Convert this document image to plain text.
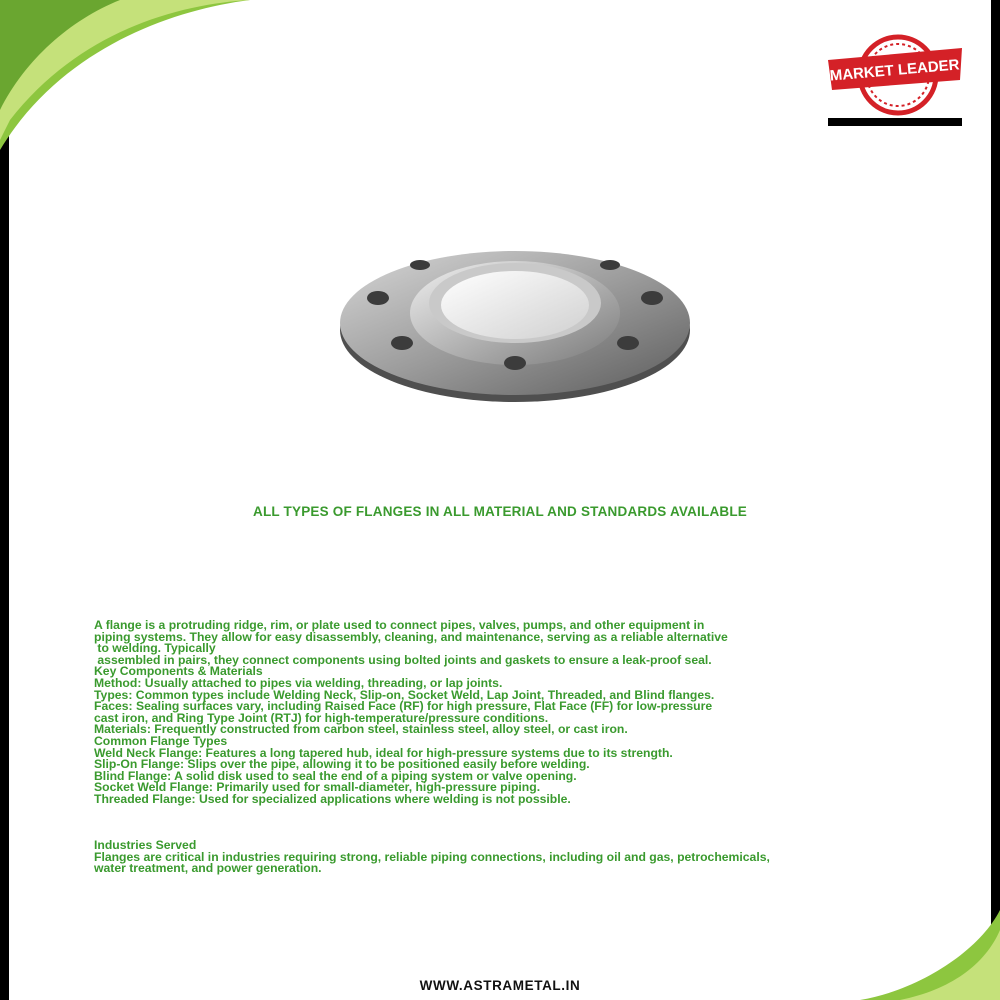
MARKET LEADER
ALL TYPES OF FLANGES IN ALL MATERIAL AND STANDARDS AVAILABLE
A flange is a protruding ridge, rim, or plate used to connect pipes, valves, pumps, and other equipment in
piping systems. They allow for easy disassembly, cleaning, and maintenance, serving as a reliable alternative
to welding. Typically
assembled in pairs, they connect components using bolted joints and gaskets to ensure a leak-proof seal.
Key Components & Materials
Method: Usually attached to pipes via welding, threading, or lap joints.
Types: Common types include Welding Neck, Slip-on, Socket Weld, Lap Joint, Threaded, and Blind flanges.
Faces: Sealing surfaces vary, including Raised Face (RF) for high pressure, Flat Face (FF) for low-pressure
cast iron, and Ring Type Joint (RTJ) for high-temperature/pressure conditions.
Materials: Frequently constructed from carbon steel, stainless steel, alloy steel, or cast iron.
Common Flange Types
Weld Neck Flange: Features a long tapered hub, ideal for high-pressure systems due to its strength.
Slip-On Flange: Slips over the pipe, allowing it to be positioned easily before welding.
Blind Flange: A solid disk used to seal the end of a piping system or valve opening.
Socket Weld Flange: Primarily used for small-diameter, high-pressure piping.
Threaded Flange: Used for specialized applications where welding is not possible.
Industries Served
Flanges are critical in industries requiring strong, reliable piping connections, including oil and gas, petrochemicals,
water treatment, and power generation.
WWW.ASTRAMETAL.IN
